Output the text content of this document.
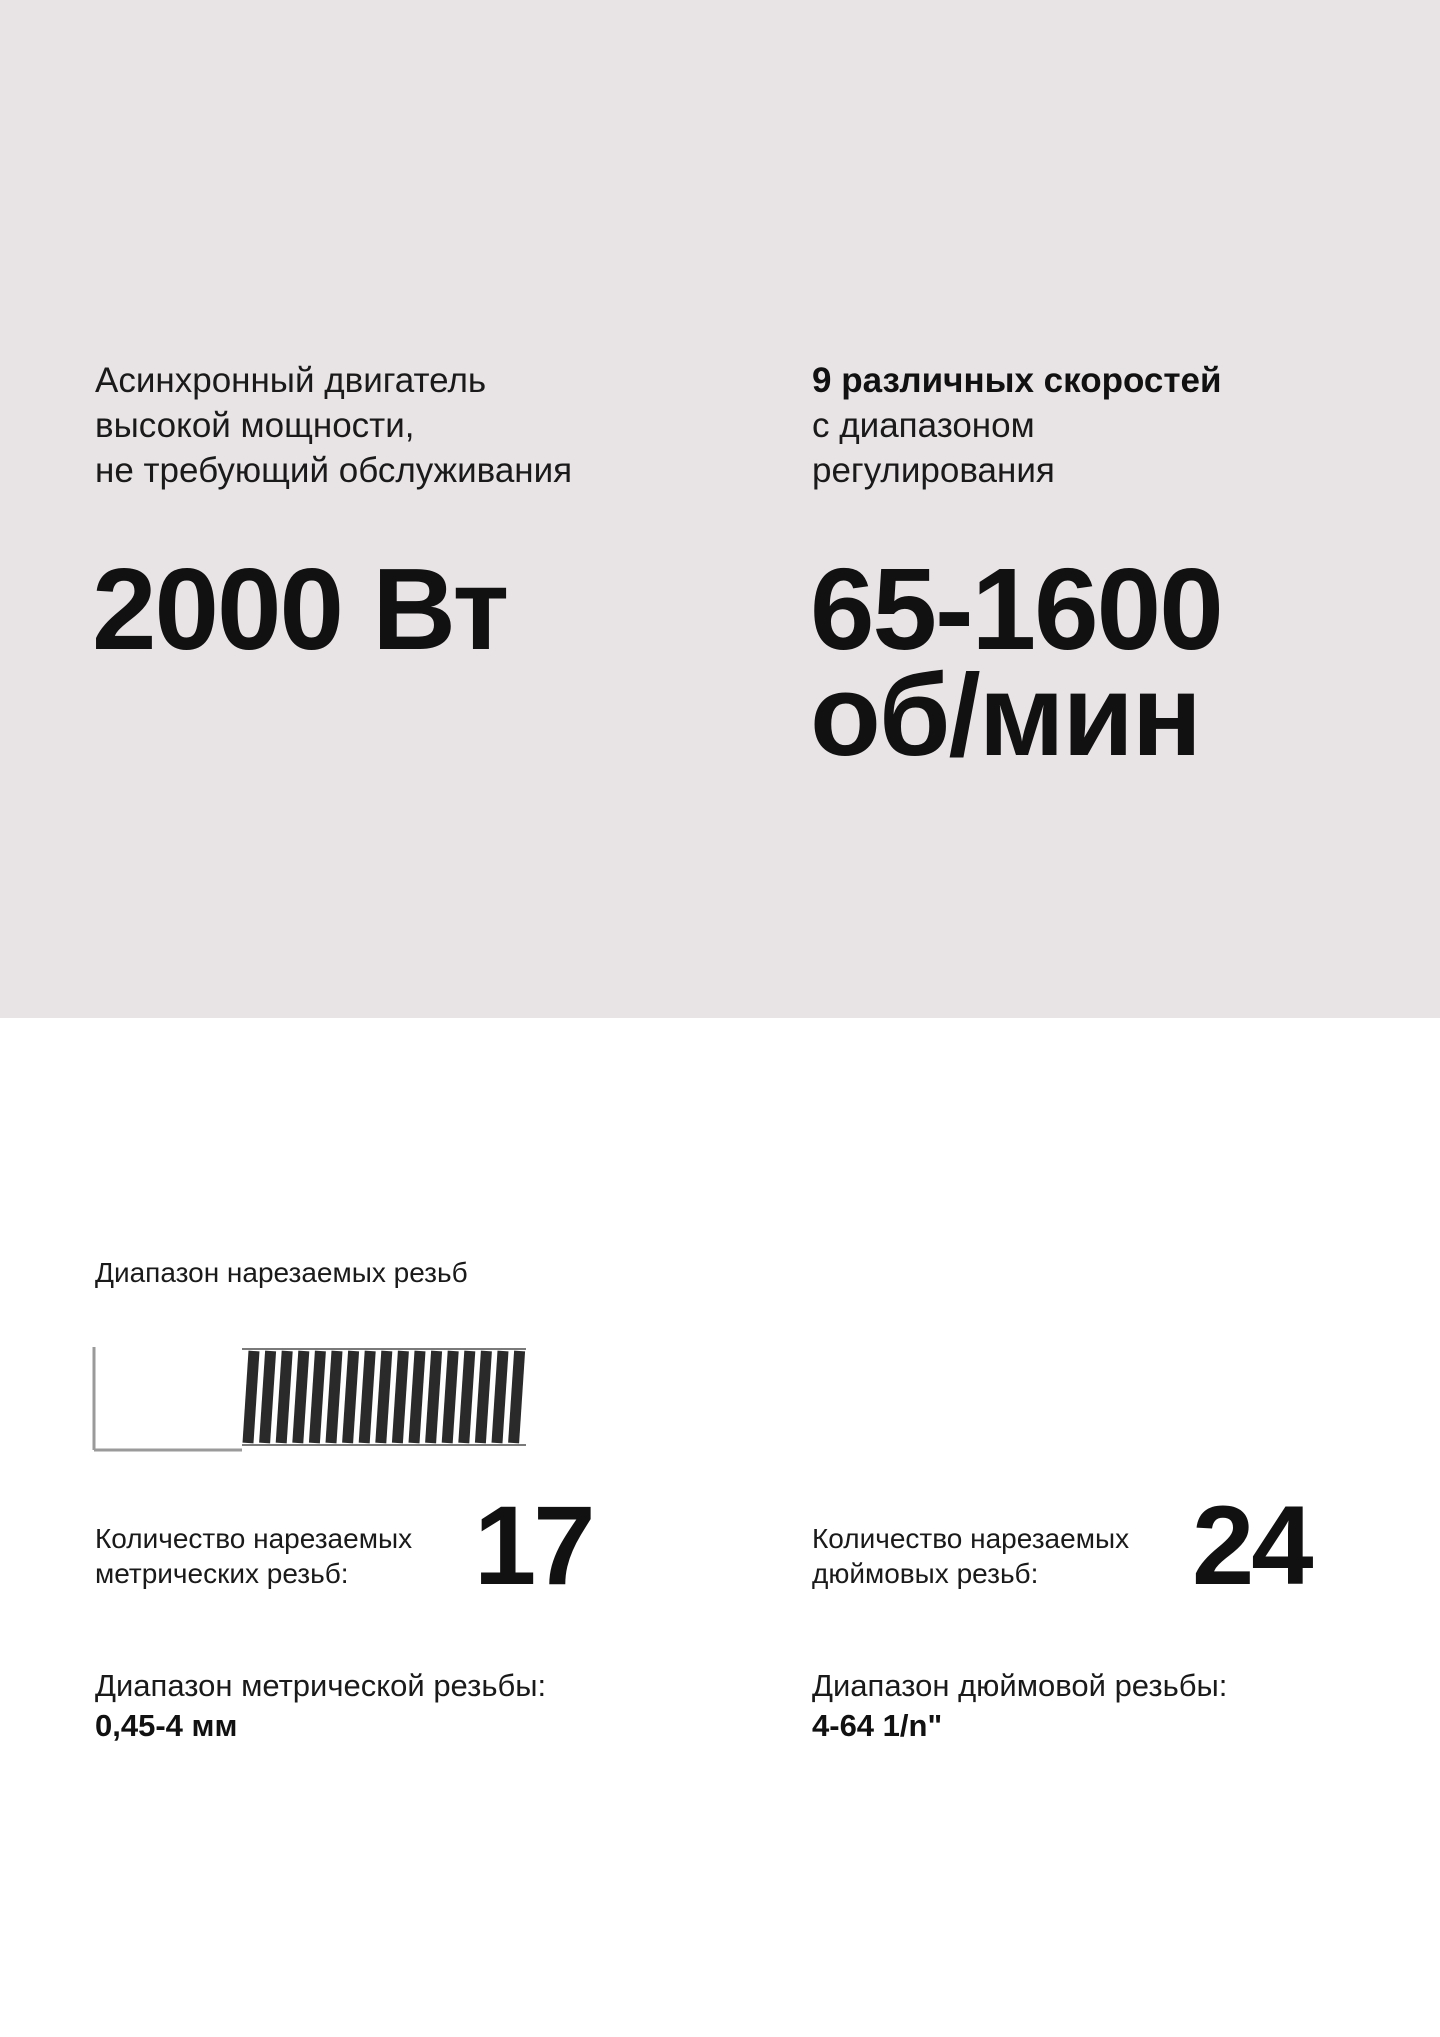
Асинхронный двигатель
высокой мощности,
не требующий обслуживания
2000 Вт
9 различных скоростей
с диапазоном
регулирования
65-1600
об/мин
Диапазон нарезаемых резьб
Количество нарезаемых
метрических резьб:	17
Диапазон метрической резьбы:
0,45-4 мм
Количество нарезаемых
дюймовых резьб:	24
Диапазон дюймовой резьбы:
4-64 1/n"
